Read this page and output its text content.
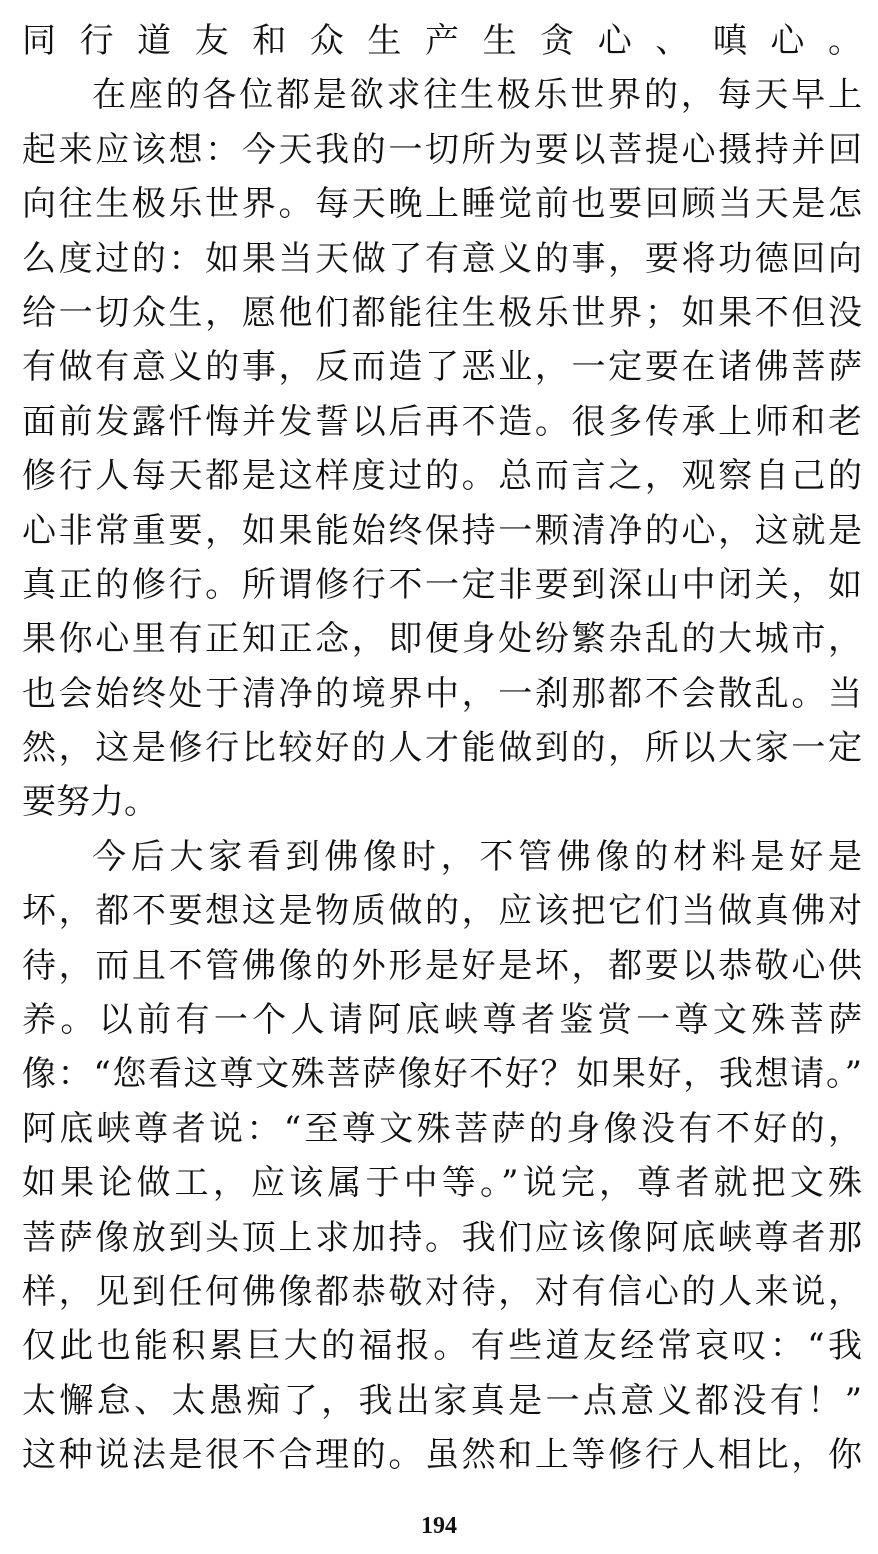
同行道友和众生产生贪心、嗔心。
在座的各位都是欲求往生极乐世界的，每天早上
起来应该想：今天我的一切所为要以菩提心摄持并回
向往生极乐世界。每天晚上睡觉前也要回顾当天是怎
么度过的：如果当天做了有意义的事，要将功德回向
给一切众生，愿他们都能往生极乐世界；如果不但没
有做有意义的事，反而造了恶业，一定要在诸佛菩萨
面前发露忏悔并发誓以后再不造。很多传承上师和老
修行人每天都是这样度过的。总而言之，观察自己的
心非常重要，如果能始终保持一颗清净的心，这就是
真正的修行。所谓修行不一定非要到深山中闭关，如
果你心里有正知正念，即便身处纷繁杂乱的大城市，
也会始终处于清净的境界中，一刹那都不会散乱。当
然，这是修行比较好的人才能做到的，所以大家一定
要努力。
今后大家看到佛像时，不管佛像的材料是好是
坏，都不要想这是物质做的，应该把它们当做真佛对
待，而且不管佛像的外形是好是坏，都要以恭敬心供
养。以前有一个人请阿底峡尊者鉴赏一尊文殊菩萨
像：“您看这尊文殊菩萨像好不好？如果好，我想请。”
阿底峡尊者说：“至尊文殊菩萨的身像没有不好的，
如果论做工，应该属于中等。”说完，尊者就把文殊
菩萨像放到头顶上求加持。我们应该像阿底峡尊者那
样，见到任何佛像都恭敬对待，对有信心的人来说，
仅此也能积累巨大的福报。有些道友经常哀叹：“我
太懈怠、太愚痴了，我出家真是一点意义都没有！”
这种说法是很不合理的。虽然和上等修行人相比，你
194
